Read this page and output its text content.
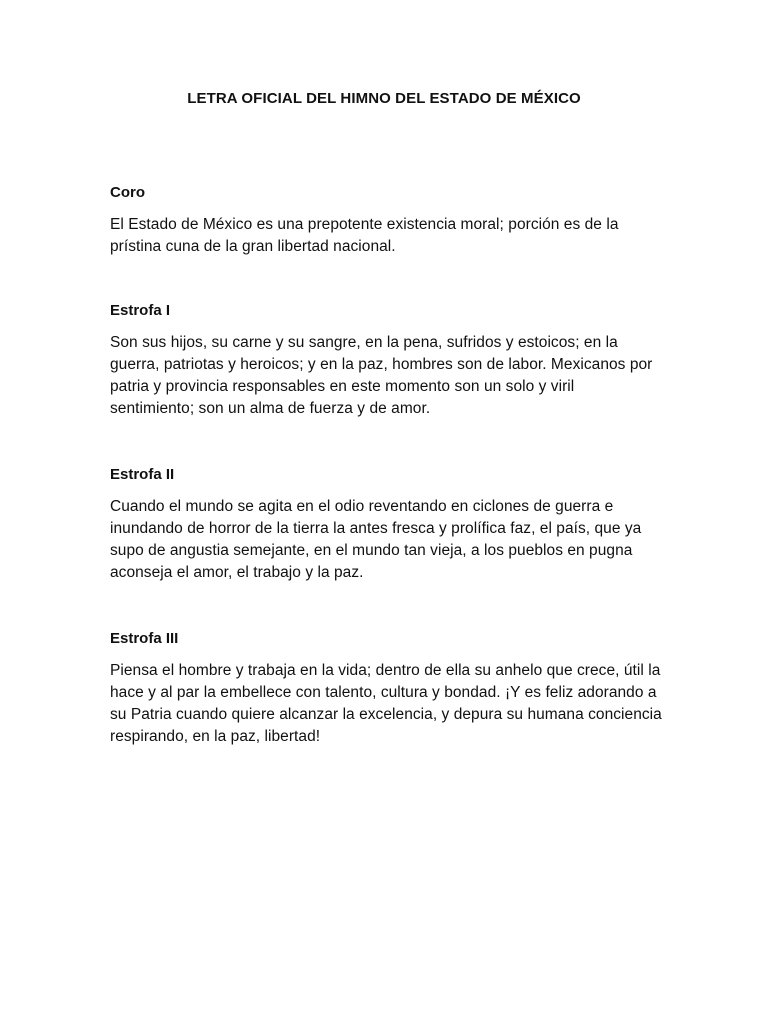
LETRA OFICIAL DEL HIMNO DEL ESTADO DE MÉXICO
Coro

El Estado de México es una prepotente existencia moral; porción es de la prístina cuna de la gran libertad nacional.

Estrofa I

Son sus hijos, su carne y su sangre, en la pena, sufridos y estoicos; en la guerra, patriotas y heroicos; y en la paz, hombres son de labor. Mexicanos por patria y provincia responsables en este momento son un solo y viril sentimiento; son un alma de fuerza y de amor.

Estrofa II

Cuando el mundo se agita en el odio reventando en ciclones de guerra e inundando de horror de la tierra la antes fresca y prolífica faz, el país, que ya supo de angustia semejante, en el mundo tan vieja, a los pueblos en pugna aconseja el amor, el trabajo y la paz.

Estrofa III

Piensa el hombre y trabaja en la vida; dentro de ella su anhelo que crece, útil la hace y al par la embellece con talento, cultura y bondad. ¡Y es feliz adorando a su Patria cuando quiere alcanzar la excelencia, y depura su humana conciencia respirando, en la paz, libertad!
